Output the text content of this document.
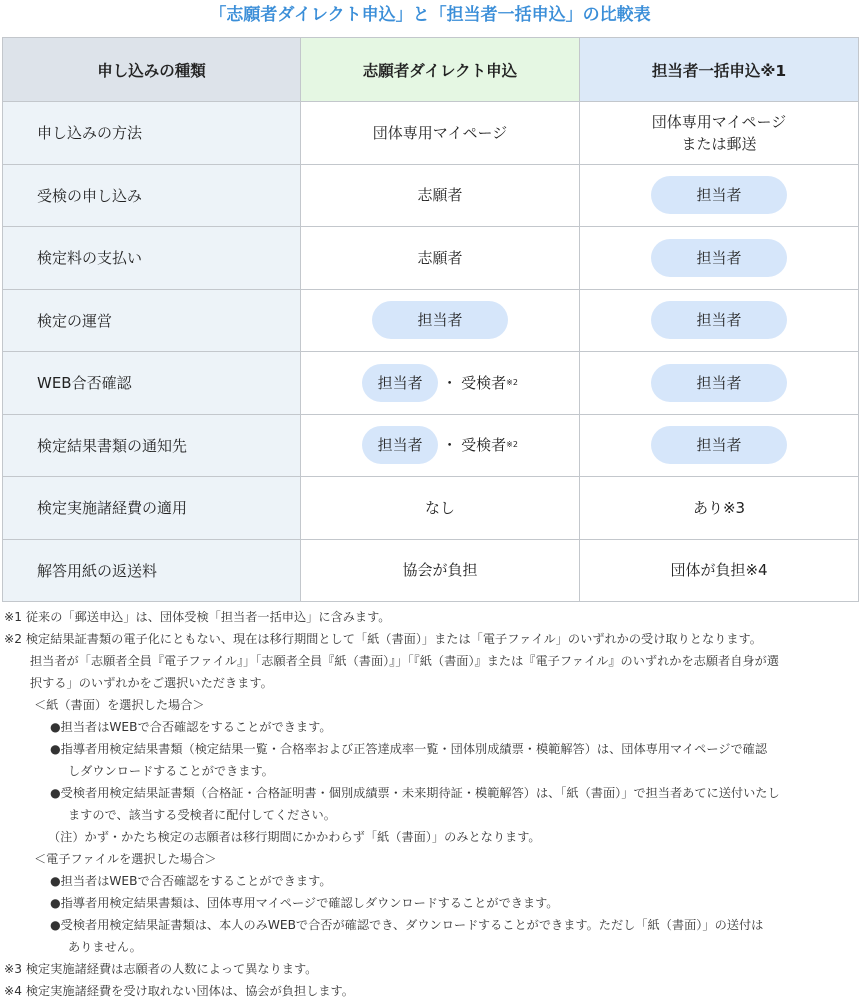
「志願者ダイレクト申込」と「担当者一括申込」の比較表
申し込みの種類	志願者ダイレクト申込	担当者一括申込※1
申し込みの方法	団体専用マイページ	団体専用マイページ
または郵送
受検の申し込み	志願者	担当者
検定料の支払い	志願者	担当者
検定の運営	担当者	担当者
WEB合否確認	担当者 ・ 受検者 ※2	担当者
検定結果書類の通知先	担当者 ・ 受検者 ※2	担当者
検定実施諸経費の適用	なし	あり※3
解答用紙の返送料	協会が負担	団体が負担※4
※1 従来の「郵送申込」は、団体受検「担当者一括申込」に含みます。
※2 検定結果証書類の電子化にともない、現在は移行期間として「紙（書面）」または「電子ファイル」のいずれかの受け取りとなります。
担当者が「志願者全員『電子ファイル』」「志願者全員『紙（書面）』」「『紙（書面）』または『電子ファイル』のいずれかを志願者自身が選
択する」のいずれかをご選択いただきます。
＜紙（書面）を選択した場合＞
●担当者はWEBで合否確認をすることができます。
●指導者用検定結果書類（検定結果一覧・合格率および正答達成率一覧・団体別成績票・模範解答）は、団体専用マイページで確認
しダウンロードすることができます。
●受検者用検定結果証書類（合格証・合格証明書・個別成績票・未来期待証・模範解答）は、「紙（書面）」で担当者あてに送付いたし
ますので、該当する受検者に配付してください。
（注）かず・かたち検定の志願者は移行期間にかかわらず「紙（書面）」のみとなります。
＜電子ファイルを選択した場合＞
●担当者はWEBで合否確認をすることができます。
●指導者用検定結果書類は、団体専用マイページで確認しダウンロードすることができます。
●受検者用検定結果証書類は、本人のみWEBで合否が確認でき、ダウンロードすることができます。ただし「紙（書面）」の送付は
ありません。
※3 検定実施諸経費は志願者の人数によって異なります。
※4 検定実施諸経費を受け取れない団体は、協会が負担します。
